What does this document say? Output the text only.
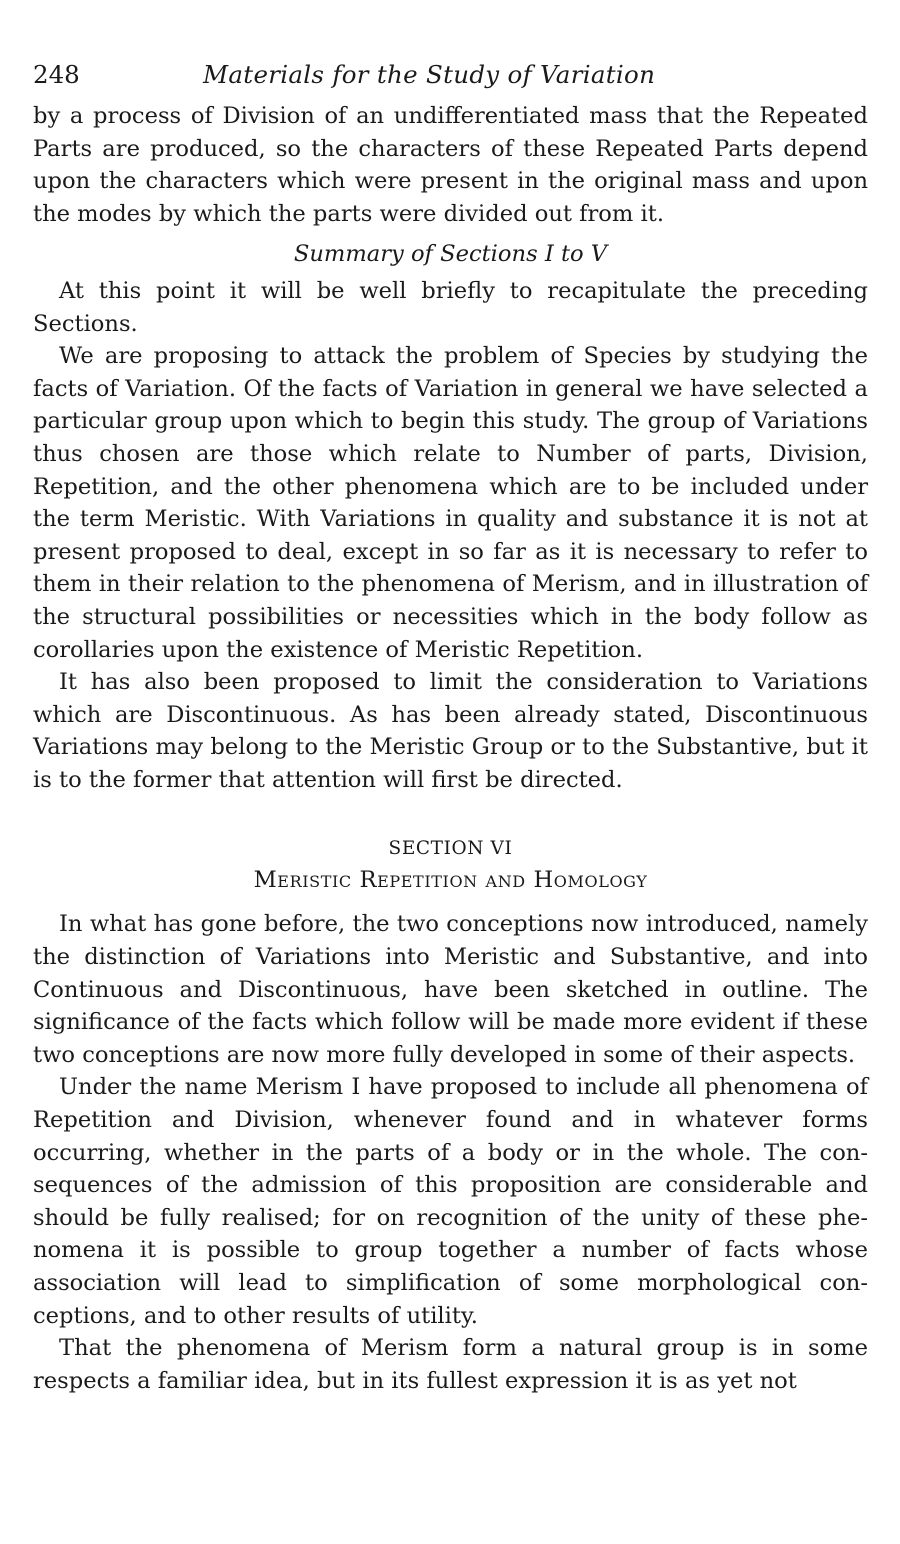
248	Materials for the Study of Variation

by a process of Division of an undifferentiated mass that the Repeated Parts are produced, so the characters of these Repeated Parts depend upon the characters which were present in the original mass and upon the modes by which the parts were divided out from it.

Summary of Sections I to V

At this point it will be well briefly to recapitulate the preceding Sections.

We are proposing to attack the problem of Species by studying the facts of Variation. Of the facts of Variation in general we have selected a particular group upon which to begin this study. The group of Variations thus chosen are those which relate to Number of parts, Division, Repetition, and the other phenomena which are to be included under the term Meristic. With Variations in quality and substance it is not at present proposed to deal, except in so far as it is necessary to refer to them in their relation to the phenomena of Merism, and in illustration of the structural possibilities or necessities which in the body follow as corollaries upon the existence of Meristic Repetition.

It has also been proposed to limit the consideration to Variations which are Discontinuous. As has been already stated, Discontinuous Variations may belong to the Meristic Group or to the Substantive, but it is to the former that attention will first be directed.

SECTION VI
Meristic Repetition and Homology

In what has gone before, the two conceptions now introduced, namely the distinction of Variations into Meristic and Substantive, and into Continuous and Discontinuous, have been sketched in outline. The significance of the facts which follow will be made more evident if these two conceptions are now more fully developed in some of their aspects.

Under the name Merism I have proposed to include all phenomena of Repetition and Division, whenever found and in whatever forms occurring, whether in the parts of a body or in the whole. The consequences of the admission of this proposition are considerable and should be fully realised; for on recognition of the unity of these phenomena it is possible to group together a number of facts whose association will lead to simplification of some morphological conceptions, and to other results of utility.

That the phenomena of Merism form a natural group is in some respects a familiar idea, but in its fullest expression it is as yet not
